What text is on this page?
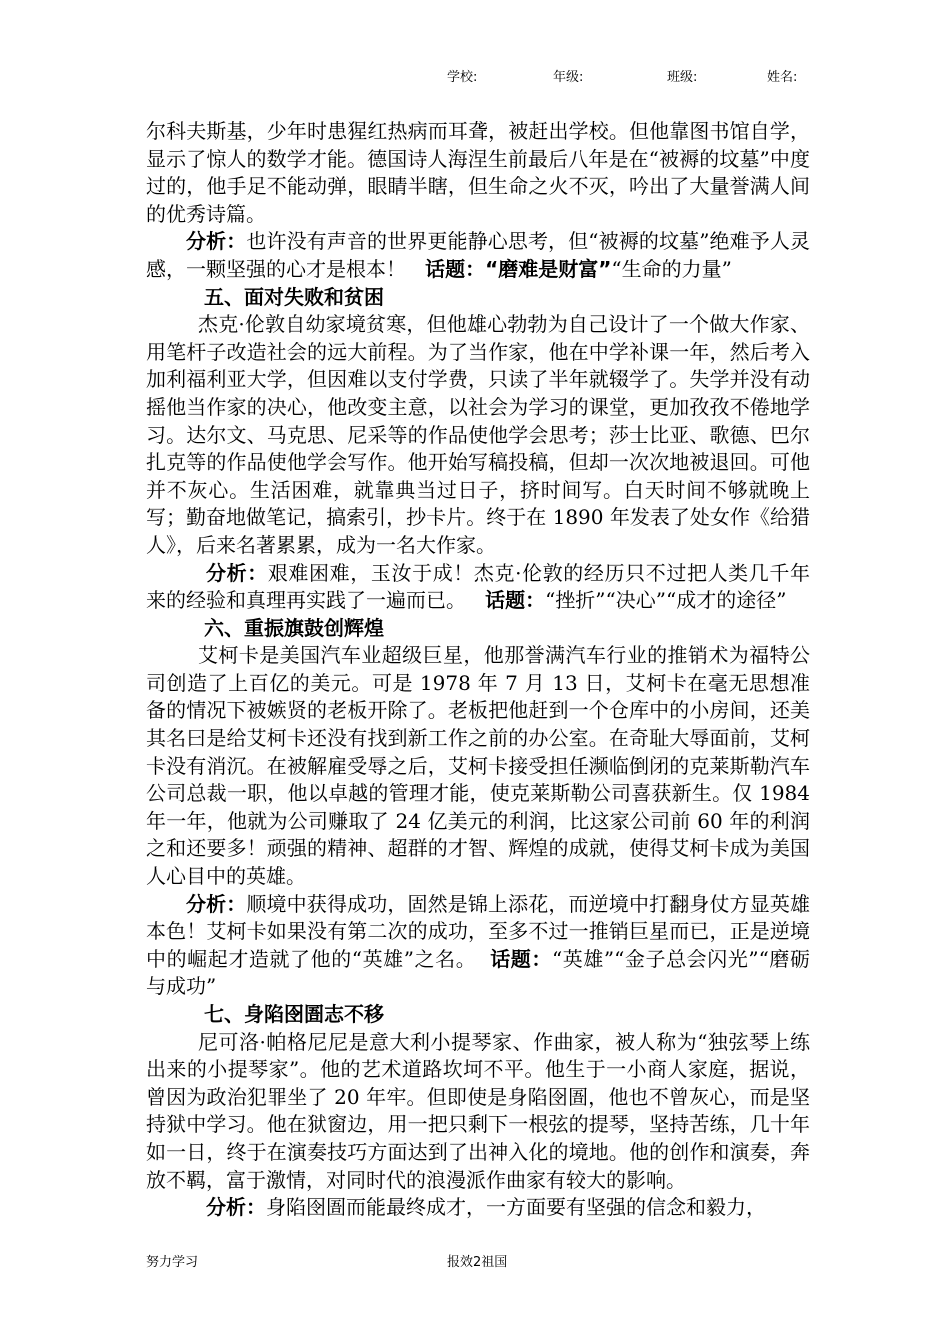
学校:	年级:	班级:	姓名:

尔科夫斯基，少年时患猩红热病而耳聋，被赶出学校。但他靠图书馆自学，显示了惊人的数学才能。德国诗人海涅生前最后八年是在“被褥的坟墓”中度过的，他手足不能动弹，眼睛半瞎，但生命之火不灭，吟出了大量誉满人间的优秀诗篇。

分析：也许没有声音的世界更能静心思考，但“被褥的坟墓”绝难予人灵感，一颗坚强的心才是根本！ 话题：“磨难是财富”“生命的力量”

五、面对失败和贫困

杰克·伦敦自幼家境贫寒，但他雄心勃勃为自己设计了一个做大作家、用笔杆子改造社会的远大前程。为了当作家，他在中学补课一年，然后考入加利福利亚大学，但因难以支付学费，只读了半年就辍学了。失学并没有动摇他当作家的决心，他改变主意，以社会为学习的课堂，更加孜孜不倦地学习。达尔文、马克思、尼采等的作品使他学会思考；莎士比亚、歌德、巴尔扎克等的作品使他学会写作。他开始写稿投稿，但却一次次地被退回。可他并不灰心。生活困难，就靠典当过日子，挤时间写。白天时间不够就晚上写；勤奋地做笔记，搞索引，抄卡片。终于在 1890 年发表了处女作《给猎人》，后来名著累累，成为一名大作家。

分析：艰难困难，玉汝于成！杰克·伦敦的经历只不过把人类几千年来的经验和真理再实践了一遍而已。 话题：“挫折”“决心”“成才的途径”

六、重振旗鼓创辉煌

艾柯卡是美国汽车业超级巨星，他那誉满汽车行业的推销术为福特公司创造了上百亿的美元。可是 1978 年 7 月 13 日，艾柯卡在毫无思想准备的情况下被嫉贤的老板开除了。老板把他赶到一个仓库中的小房间，还美其名曰是给艾柯卡还没有找到新工作之前的办公室。在奇耻大辱面前，艾柯卡没有消沉。在被解雇受辱之后，艾柯卡接受担任濒临倒闭的克莱斯勒汽车公司总裁一职，他以卓越的管理才能，使克莱斯勒公司喜获新生。仅 1984 年一年，他就为公司赚取了 24 亿美元的利润，比这家公司前 60 年的利润之和还要多！顽强的精神、超群的才智、辉煌的成就，使得艾柯卡成为美国人心目中的英雄。

分析：顺境中获得成功，固然是锦上添花，而逆境中打翻身仗方显英雄本色！艾柯卡如果没有第二次的成功，至多不过一推销巨星而已，正是逆境中的崛起才造就了他的“英雄”之名。 话题：“英雄”“金子总会闪光”“磨砺与成功”

七、身陷囹圄志不移

尼可洛·帕格尼尼是意大利小提琴家、作曲家，被人称为“独弦琴上练出来的小提琴家”。他的艺术道路坎坷不平。他生于一小商人家庭，据说，曾因为政治犯罪坐了 20 年牢。但即使是身陷囹圄，他也不曾灰心，而是坚持狱中学习。他在狱窗边，用一把只剩下一根弦的提琴，坚持苦练，几十年如一日，终于在演奏技巧方面达到了出神入化的境地。他的创作和演奏，奔放不羁，富于激情，对同时代的浪漫派作曲家有较大的影响。

分析：身陷囹圄而能最终成才，一方面要有坚强的信念和毅力，

努力学习	报效2祖国
